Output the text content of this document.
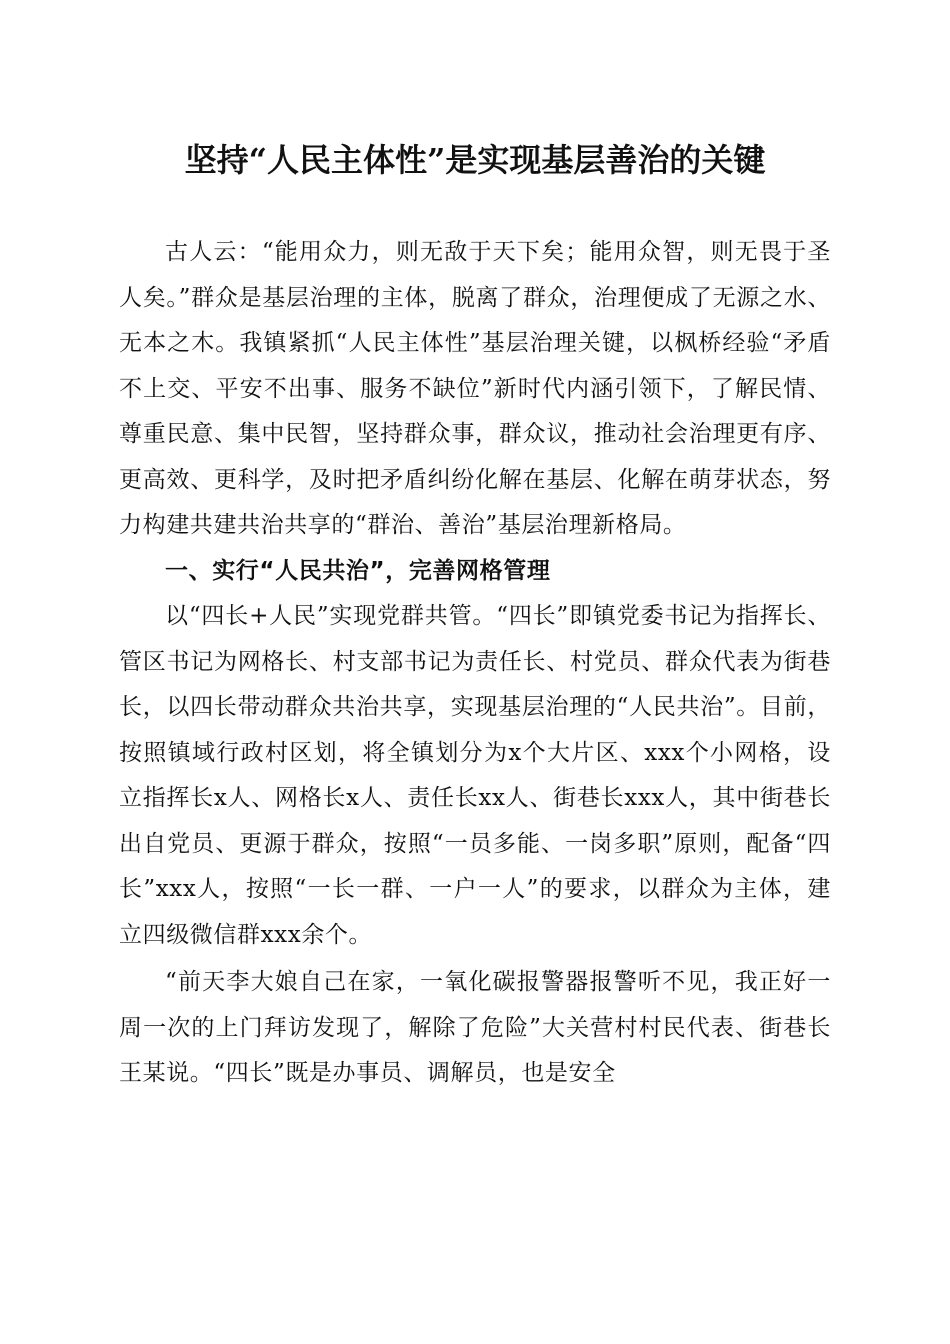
坚持“人民主体性”是实现基层善治的关键

古人云：“能用众力，则无敌于天下矣；能用众智，则无畏于圣人矣。”群众是基层治理的主体，脱离了群众，治理便成了无源之水、无本之木。我镇紧抓“人民主体性”基层治理关键，以枫桥经验“矛盾不上交、平安不出事、服务不缺位”新时代内涵引领下，了解民情、尊重民意、集中民智，坚持群众事，群众议，推动社会治理更有序、更高效、更科学，及时把矛盾纠纷化解在基层、化解在萌芽状态，努力构建共建共治共享的“群治、善治”基层治理新格局。

一、实行“人民共治”，完善网格管理

以“四长+人民”实现党群共管。“四长”即镇党委书记为指挥长、管区书记为网格长、村支部书记为责任长、村党员、群众代表为街巷长，以四长带动群众共治共享，实现基层治理的“人民共治”。目前，按照镇域行政村区划，将全镇划分为x个大片区、xxx个小网格，设立指挥长x人、网格长x人、责任长xx人、街巷长xxx人，其中街巷长出自党员、更源于群众，按照“一员多能、一岗多职”原则，配备“四长”xxx人，按照“一长一群、一户一人”的要求，以群众为主体，建立四级微信群xxx余个。

“前天李大娘自己在家，一氧化碳报警器报警听不见，我正好一周一次的上门拜访发现了，解除了危险”大关营村村民代表、街巷长王某说。“四长”既是办事员、调解员，也是安全
